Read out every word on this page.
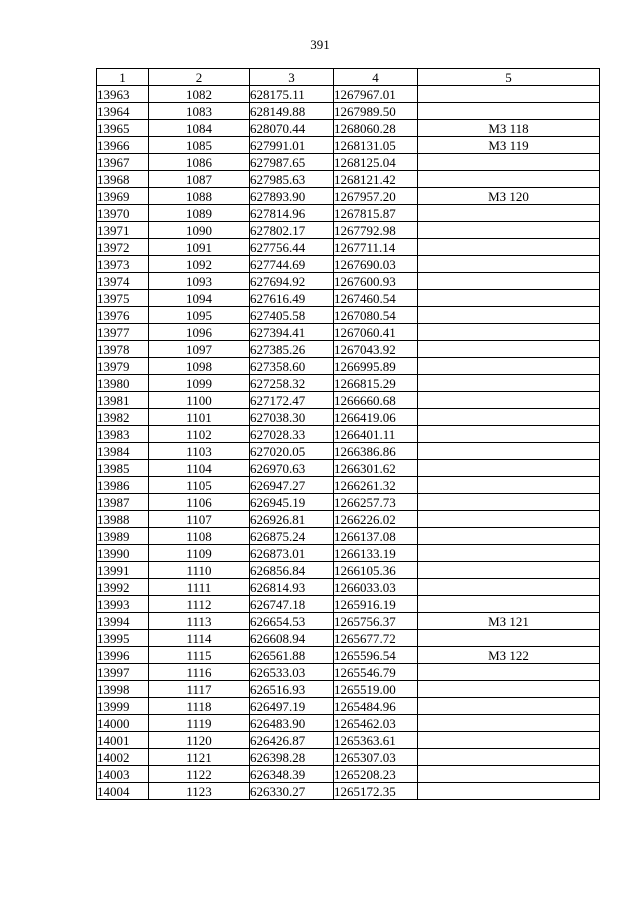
391
1	2	3	4	5
13963	1082	628175.11	1267967.01	
13964	1083	628149.88	1267989.50	
13965	1084	628070.44	1268060.28	МЗ 118
13966	1085	627991.01	1268131.05	МЗ 119
13967	1086	627987.65	1268125.04	
13968	1087	627985.63	1268121.42	
13969	1088	627893.90	1267957.20	МЗ 120
13970	1089	627814.96	1267815.87	
13971	1090	627802.17	1267792.98	
13972	1091	627756.44	1267711.14	
13973	1092	627744.69	1267690.03	
13974	1093	627694.92	1267600.93	
13975	1094	627616.49	1267460.54	
13976	1095	627405.58	1267080.54	
13977	1096	627394.41	1267060.41	
13978	1097	627385.26	1267043.92	
13979	1098	627358.60	1266995.89	
13980	1099	627258.32	1266815.29	
13981	1100	627172.47	1266660.68	
13982	1101	627038.30	1266419.06	
13983	1102	627028.33	1266401.11	
13984	1103	627020.05	1266386.86	
13985	1104	626970.63	1266301.62	
13986	1105	626947.27	1266261.32	
13987	1106	626945.19	1266257.73	
13988	1107	626926.81	1266226.02	
13989	1108	626875.24	1266137.08	
13990	1109	626873.01	1266133.19	
13991	1110	626856.84	1266105.36	
13992	1111	626814.93	1266033.03	
13993	1112	626747.18	1265916.19	
13994	1113	626654.53	1265756.37	МЗ 121
13995	1114	626608.94	1265677.72	
13996	1115	626561.88	1265596.54	МЗ 122
13997	1116	626533.03	1265546.79	
13998	1117	626516.93	1265519.00	
13999	1118	626497.19	1265484.96	
14000	1119	626483.90	1265462.03	
14001	1120	626426.87	1265363.61	
14002	1121	626398.28	1265307.03	
14003	1122	626348.39	1265208.23	
14004	1123	626330.27	1265172.35	
